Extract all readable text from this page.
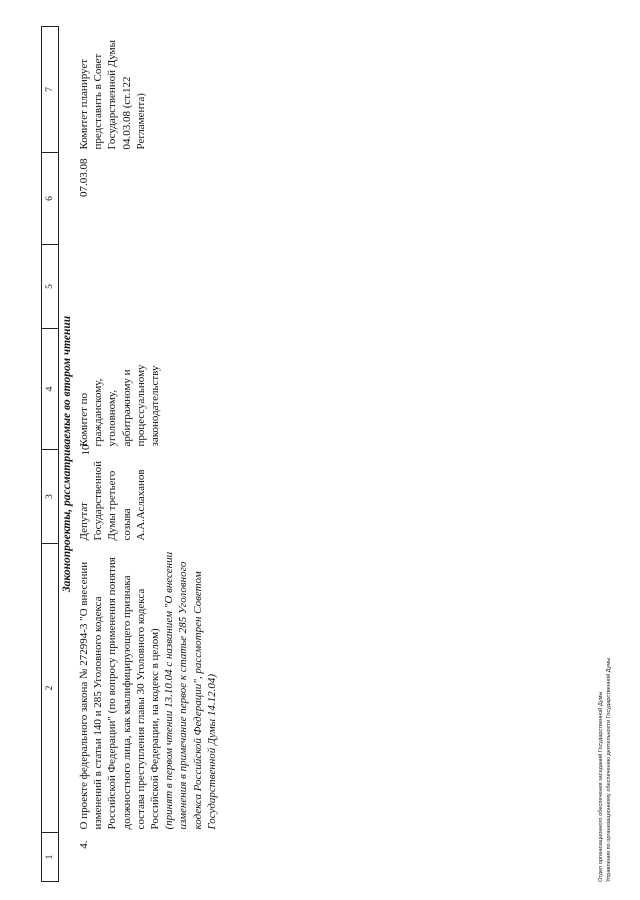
10
1	2	3	4	5	6	7
Законопроекты, рассматриваемые во втором чтении						
4.	О проекте федерального закона № 272994-3 "О внесении изменений в статьи 140 и 285 Уголовного кодекса Российской Федерации" (по вопросу применения понятия должностного лица, как квалифицирующего признака состава преступления главы 30 Уголовного кодекса Российской Федерации, на кодекс в целом) (принят в первом чтении 13.10.04 с названием "О внесении изменения в примечание первое к статье 285 Уголовного кодекса Российской Федерации", рассмотрен Советом Государственной Думы 14.12.04)	Депутат Государственной Думы третьего созыва А.А.Аслаханов	Комитет по гражданскому, уголовному, арбитражному и процессуальному законодательству		07.03.08	Комитет планирует представить в Совет Государственной Думы 04.03.08 (ст.122 Регламента)
Отдел организационного обеспечения заседаний Государственной Думы Управления по организационному обеспечению деятельности Государственной Думы
